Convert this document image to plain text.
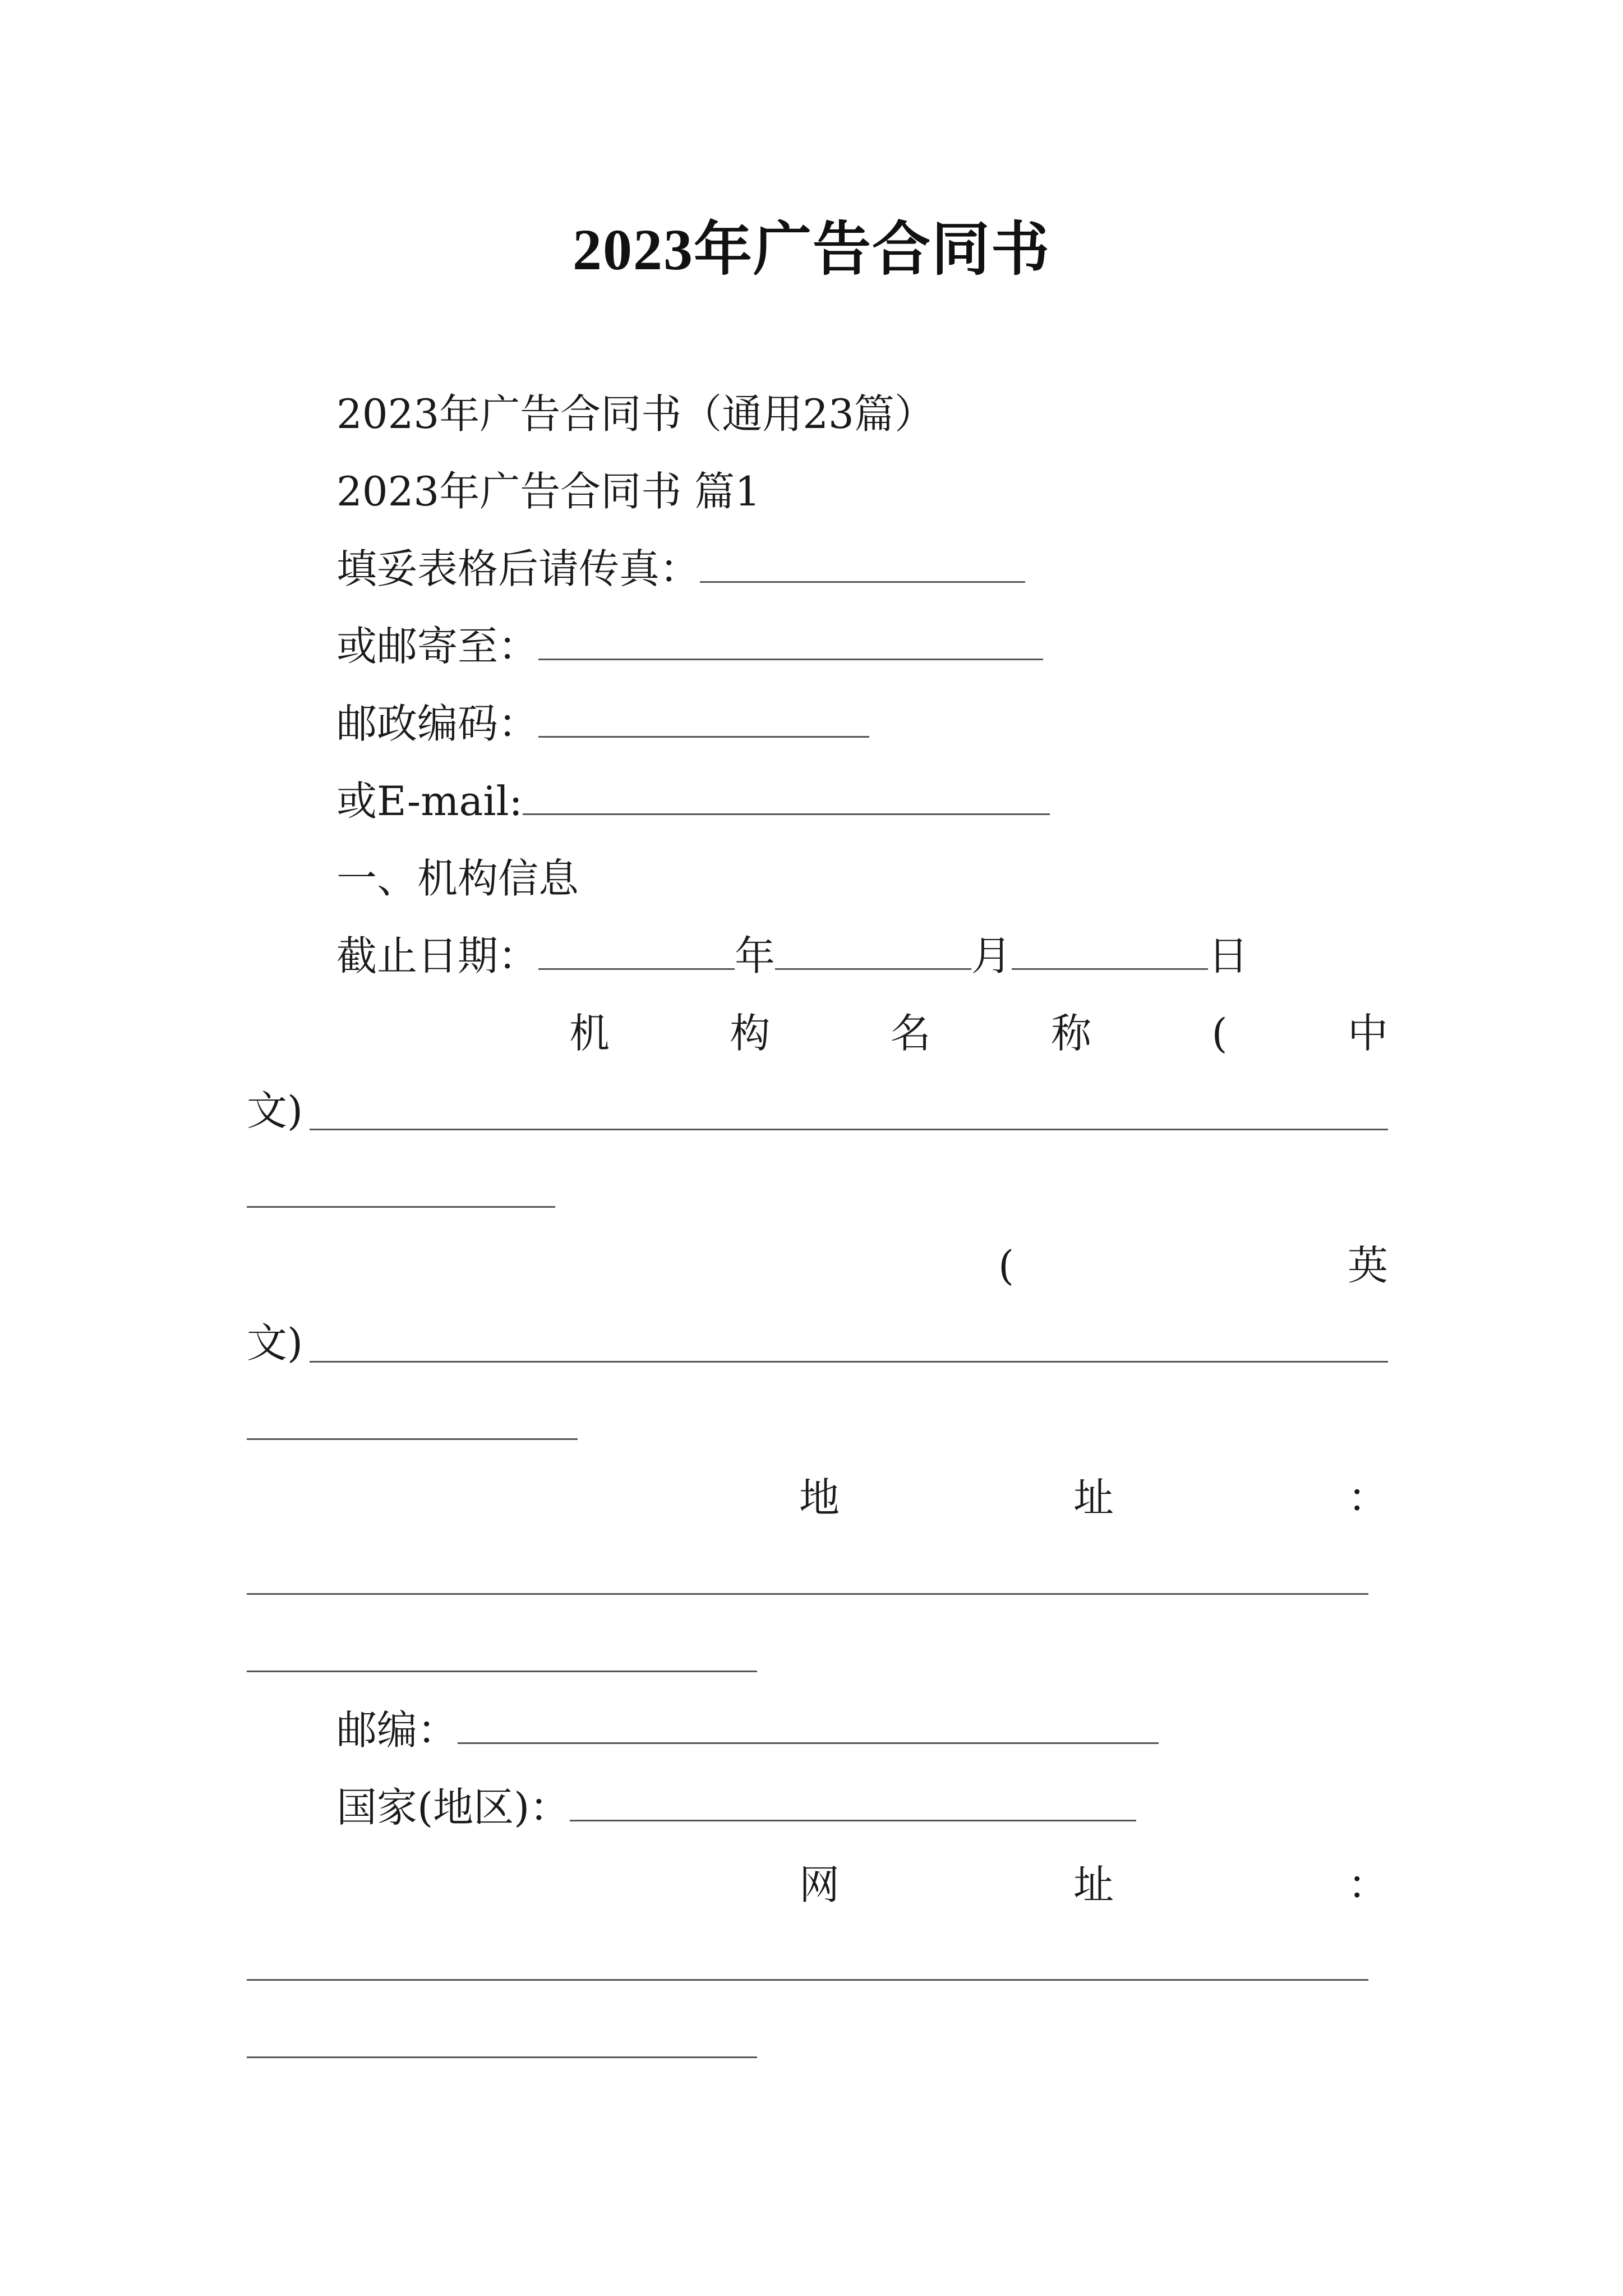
2023年广告合同书
2023年广告合同书（通用23篇）
2023年广告合同书 篇1
填妥表格后请传真：
或邮寄至：
邮政编码：
或E-mail:
一、机构信息
截止日期：	年	月	日
机	构	名	称	(	中
文)
(	英
文)
地	址	：
邮编：
国家(地区)：
网	址	：
